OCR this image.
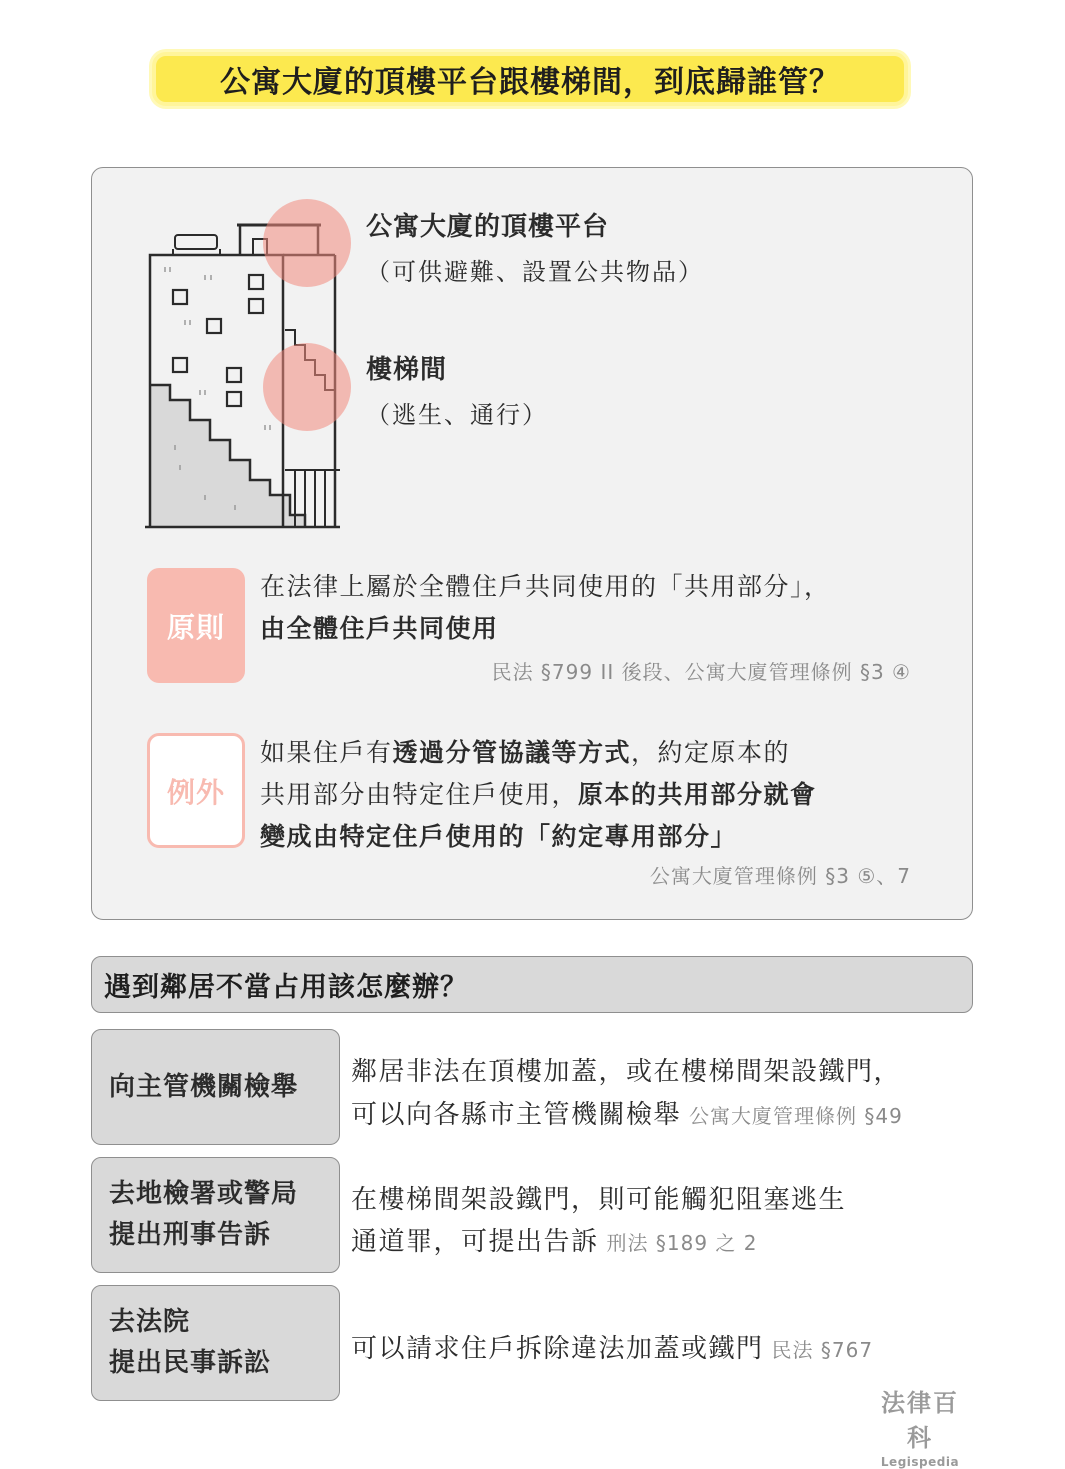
公寓大廈的頂樓平台跟樓梯間，到底歸誰管？
公寓大廈的頂樓平台
（可供避難、設置公共物品）
樓梯間
（逃生、通行）
原則
在法律上屬於全體住戶共同使用的「共用部分」，
由全體住戶共同使用
民法 §799 II 後段、公寓大廈管理條例 §3 ④
例外
如果住戶有透過分管協議等方式，約定原本的
共用部分由特定住戶使用，原本的共用部分就會
變成由特定住戶使用的「約定專用部分」
公寓大廈管理條例 §3 ⑤、7
遇到鄰居不當占用該怎麼辦？
向主管機關檢舉	鄰居非法在頂樓加蓋，或在樓梯間架設鐵門，
可以向各縣市主管機關檢舉 公寓大廈管理條例 §49
去地檢署或警局
提出刑事告訴
在樓梯間架設鐵門，則可能觸犯阻塞逃生
通道罪，可提出告訴 刑法 §189 之 2
去法院
提出民事訴訟	可以請求住戶拆除違法加蓋或鐵門 民法 §767
法律百科
Legispedia
